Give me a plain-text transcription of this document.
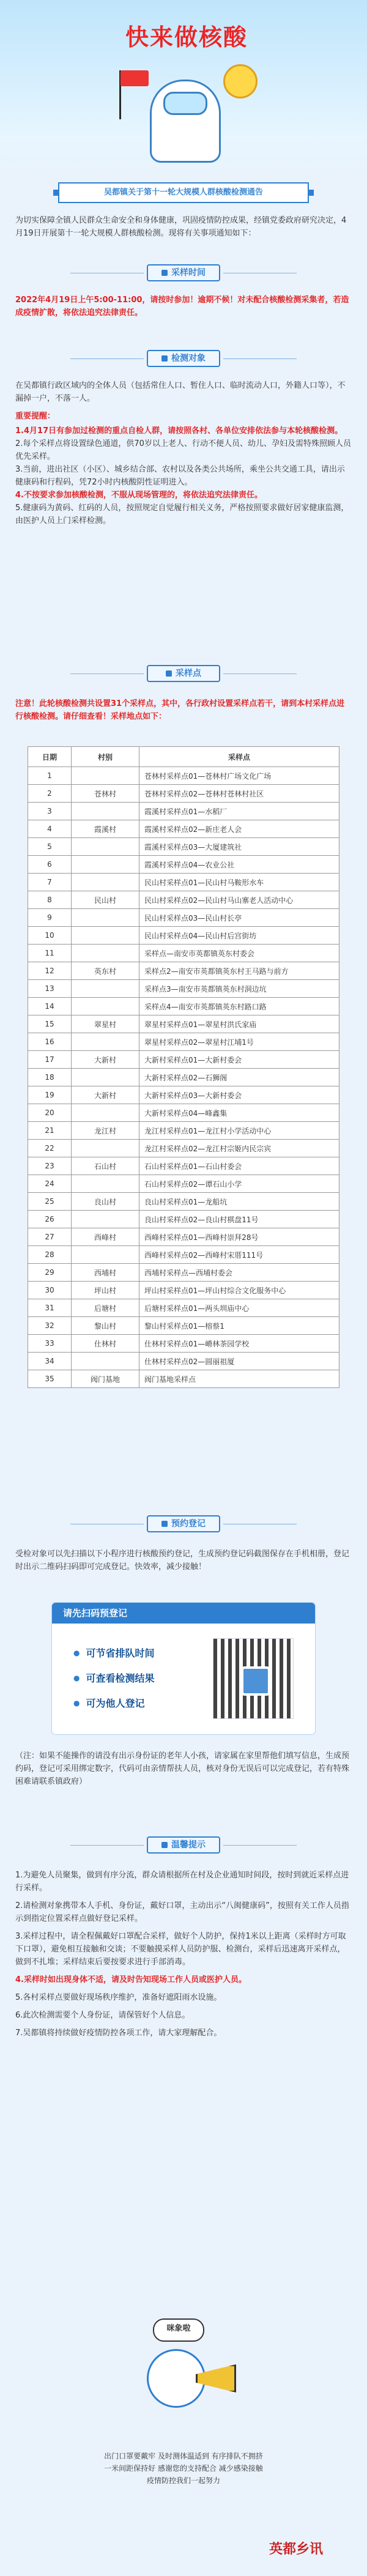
快来做核酸
吴都镇关于第十一轮大规模人群核酸检测通告
为切实保障全镇人民群众生命安全和身体健康，巩固疫情防控成果，经镇党委政府研究决定，4月19日开展第十一轮大规模人群核酸检测。现将有关事项通知如下：
采样时间
2022年4月19日上午5:00-11:00，请按时参加！逾期不候！对未配合核酸检测采集者，若造成疫情扩散，将依法追究法律责任。
检测对象
在吴都镇行政区域内的全体人员（包括常住人口、暂住人口、临时流动人口，外籍人口等），不漏掉一户，不落一人。
重要提醒：
1.4月17日有参加过检测的重点自检人群，请按照各村、各单位安排依法参与本轮核酸检测。
2.每个采样点将设置绿色通道，供70岁以上老人、行动不便人员、幼儿、孕妇及需特殊照顾人员优先采样。
3.当前，进出社区（小区）、城乡结合部、农村以及各类公共场所，乘坐公共交通工具，请出示健康码和行程码，凭72小时内核酸阴性证明进入。
4.不按要求参加核酸检测，不服从现场管理的，将依法追究法律责任。
5.健康码为黄码、红码的人员，按照规定自觉履行相关义务，严格按照要求做好居家健康监测，由医护人员上门采样检测。
采样点
注意！此轮核酸检测共设置31个采样点，其中，各行政村设置采样点若干，请到本村采样点进行核酸检测。请仔细查看！采样地点如下：
日期	村别	采样点
1		苍林村采样点01—苍林村广场文化广场
2	苍林村	苍林村采样点02—苍林村苍林村社区
3		霞溪村采样点01—水稻厂
4	霞溪村	霞溪村采样点02—新庄老人会
5		霞溪村采样点03—大厦建筑社
6		霞溪村采样点04—农业公社
7		民山村采样点01—民山村马鞍形水车
8	民山村	民山村采样点02—民山村马山寨老人活动中心
9		民山村采样点03—民山村长亭
10		民山村采样点04—民山村后宫街坊
11		采样点—南安市英都镇英东村委会
12	英东村	采样点2—南安市英都镇英东村王马路与前方
13		采样点3—南安市英都镇英东村洞边坑
14		采样点4—南安市英都镇英东村路口路
15	翠星村	翠星村采样点01—翠星村洪氏家庙
16		翠星村采样点02—翠星村江埔1号
17	大新村	大新村采样点01—大新村委会
18		大新村采样点02—石狮阁
19	大新村	大新村采样点03—大新村委会
20		大新村采样点04—峰鑫集
21	龙江村	龙江村采样点01—龙江村小学活动中心
22		龙江村采样点02—龙江村宗姬内民宗宾
23	石山村	石山村采样点01—石山村委会
24		石山村采样点02—谭石山小学
25	良山村	良山村采样点01—龙船坑
26		良山村采样点02—良山村棋盘11号
27	西峰村	西峰村采样点01—西峰村崇拜28号
28		西峰村采样点02—西峰村宋厝111号
29	西埔村	西埔村采样点—西埔村委会
30	坪山村	坪山村采样点01—坪山村综合文化服务中心
31	后塘村	后塘村采样点01—两头圳庙中心
32	黎山村	黎山村采样点01—榕蔡1
33	仕林村	仕林村采样点01—嵴林茶园学校
34		仕林村采样点02—圆丽祖厦
35	阀门基地	阀门基地采样点
预约登记
受检对象可以先扫描以下小程序进行核酸预约登记，生成预约登记码截图保存在手机相册，登记时出示二维码扫码即可完成登记。快效率，减少接触！
请先扫码预登记
● 可节省排队时间
● 可查看检测结果
● 可为他人登记
（注：如果不能操作的请没有出示身份证的老年人小孩，请家属在家里帮他们填写信息，生成预约码，登记可采用绑定数字，代码可由亲情帮扶人员，核对身份无误后可以完成登记，若有特殊困难请联系镇政府）
温馨提示
1.为避免人员聚集，做到有序分流，群众请根据所在村及企业通知时间段，按时到就近采样点进行采样。
2.请检测对象携带本人手机、身份证，戴好口罩，主动出示“八闽健康码”，按照有关工作人员指示到指定位置采样点做好登记采样。
3.采样过程中，请全程佩戴好口罩配合采样，做好个人防护，保持1米以上距离（采样时方可取下口罩），避免相互接触和交谈；不要触摸采样人员防护服、检测台，采样后迅速离开采样点，做到不扎堆；采样结束后要按要求进行手部消毒。
4.采样时如出现身体不适，请及时告知现场工作人员或医护人员。
5.各村采样点要做好现场秩序维护，准备好遮阳雨水设施。
6.此次检测需要个人身份证，请保管好个人信息。
7.吴都镇将持续做好疫情防控各项工作，请大家理解配合。
咪象啦
出门口罩要戴牢 及时测体温适到 有序排队不拥挤 一米间距保持好 感谢您的支持配合 减少感染接触 疫情防控我们一起努力
英都乡讯
